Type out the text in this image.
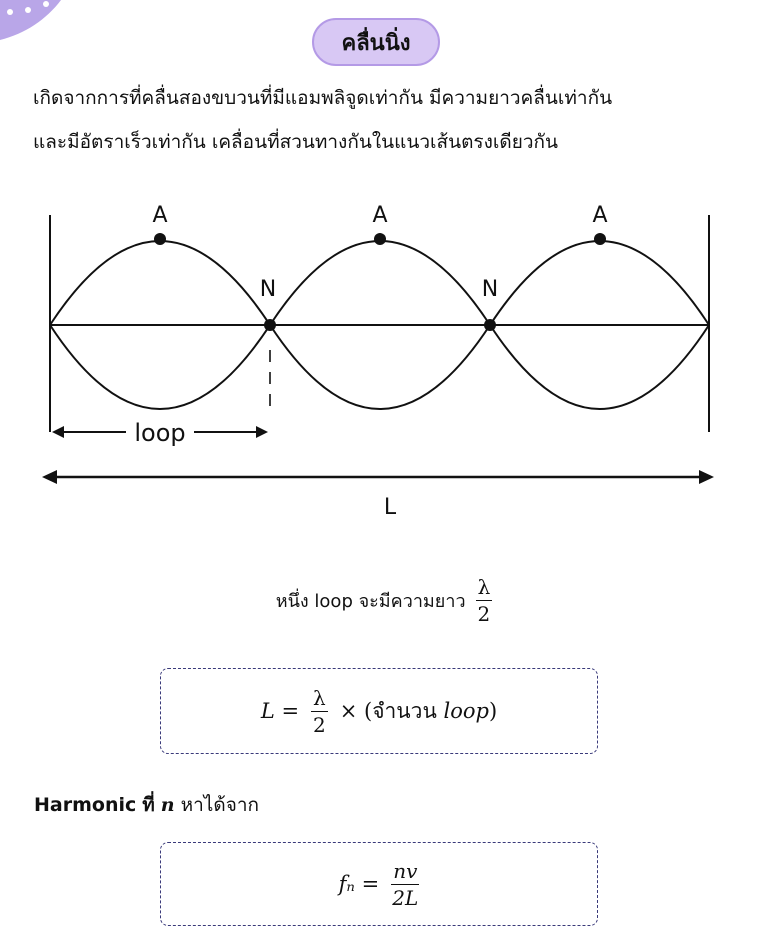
คลื่นนิ่ง
เกิดจากการที่คลื่นสองขบวนที่มีแอมพลิจูดเท่ากัน มีความยาวคลื่นเท่ากัน
และมีอัตราเร็วเท่ากัน เคลื่อนที่สวนทางกันในแนวเส้นตรงเดียวกัน
A	A	A
N	N
loop
L
หนึ่ง loop จะมีความยาว $\frac{\lambda}{2}$
$L = \frac{\lambda}{2}$ × (จำนวน loop)
Harmonic ที่ n หาได้จาก
$f_n = \frac{nv}{2L}$
